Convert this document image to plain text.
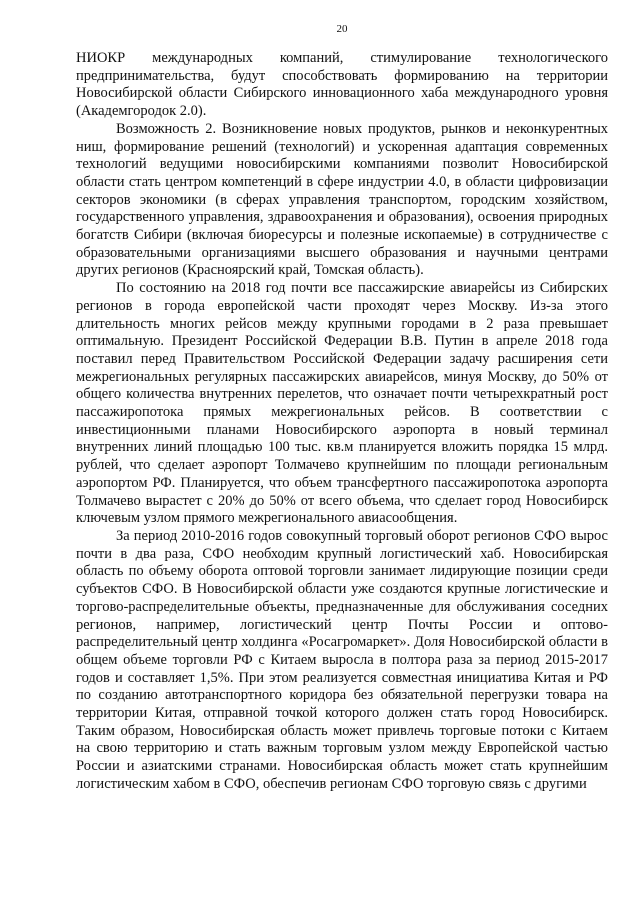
20

НИОКР международных компаний, стимулирование технологического предпринимательства, будут способствовать формированию на территории Новосибирской области Сибирского инновационного хаба международного уровня (Академгородок 2.0).

Возможность 2. Возникновение новых продуктов, рынков и неконкурентных ниш, формирование решений (технологий) и ускоренная адаптация современных технологий ведущими новосибирскими компаниями позволит Новосибирской области стать центром компетенций в сфере индустрии 4.0, в области цифровизации секторов экономики (в сферах управления транспортом, городским хозяйством, государственного управления, здравоохранения и образования), освоения природных богатств Сибири (включая биоресурсы и полезные ископаемые) в сотрудничестве с образовательными организациями высшего образования и научными центрами других регионов (Красноярский край, Томская область).

По состоянию на 2018 год почти все пассажирские авиарейсы из Сибирских регионов в города европейской части проходят через Москву. Из-за этого длительность многих рейсов между крупными городами в 2 раза превышает оптимальную. Президент Российской Федерации В.В. Путин в апреле 2018 года поставил перед Правительством Российской Федерации задачу расширения сети межрегиональных регулярных пассажирских авиарейсов, минуя Москву, до 50% от общего количества внутренних перелетов, что означает почти четырехкратный рост пассажиропотока прямых межрегиональных рейсов. В соответствии с инвестиционными планами Новосибирского аэропорта в новый терминал внутренних линий площадью 100 тыс. кв.м планируется вложить порядка 15 млрд. рублей, что сделает аэропорт Толмачево крупнейшим по площади региональным аэропортом РФ. Планируется, что объем трансфертного пассажиропотока аэропорта Толмачево вырастет с 20% до 50% от всего объема, что сделает город Новосибирск ключевым узлом прямого межрегионального авиасообщения.

За период 2010-2016 годов совокупный торговый оборот регионов СФО вырос почти в два раза, СФО необходим крупный логистический хаб. Новосибирская область по объему оборота оптовой торговли занимает лидирующие позиции среди субъектов СФО. В Новосибирской области уже создаются крупные логистические и торгово-распределительные объекты, предназначенные для обслуживания соседних регионов, например, логистический центр Почты России и оптово-распределительный центр холдинга «Росагромаркет». Доля Новосибирской области в общем объеме торговли РФ с Китаем выросла в полтора раза за период 2015-2017 годов и составляет 1,5%. При этом реализуется совместная инициатива Китая и РФ по созданию автотранспортного коридора без обязательной перегрузки товара на территории Китая, отправной точкой которого должен стать город Новосибирск. Таким образом, Новосибирская область может привлечь торговые потоки с Китаем на свою территорию и стать важным торговым узлом между Европейской частью России и азиатскими странами. Новосибирская область может стать крупнейшим логистическим хабом в СФО, обеспечив регионам СФО торговую связь с другими
